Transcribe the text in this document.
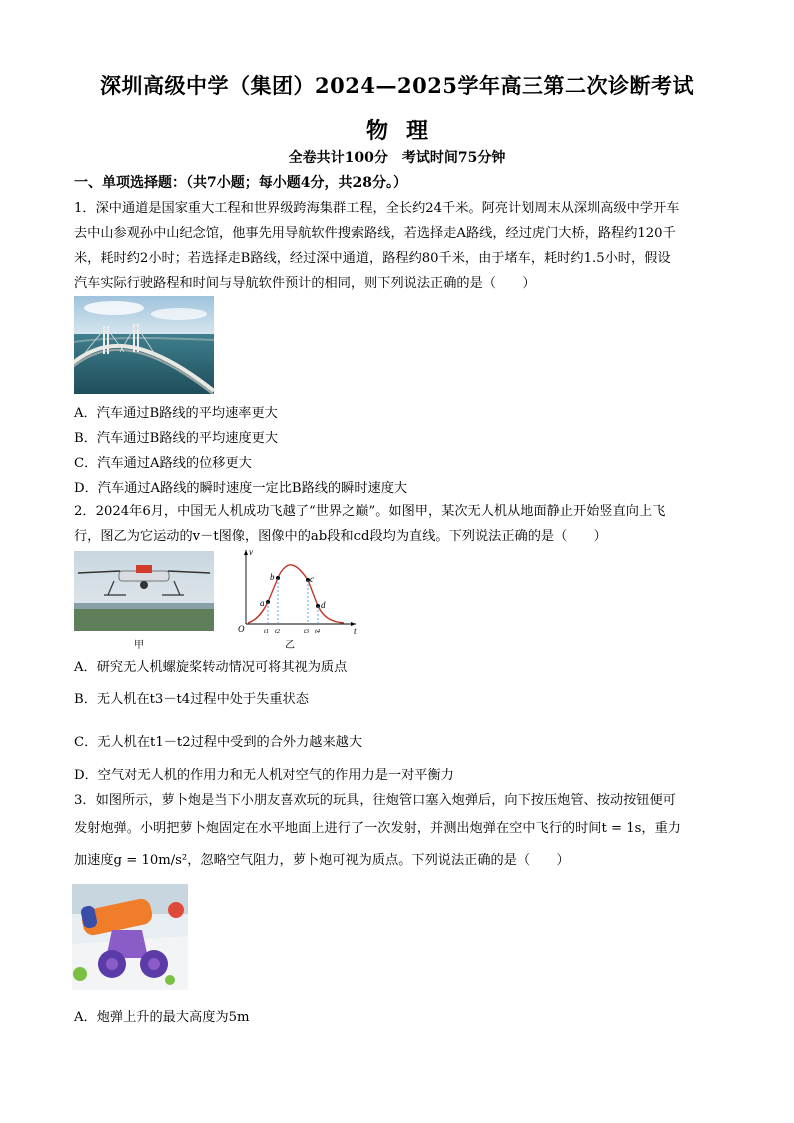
深圳高级中学（集团）2024—2025学年高三第二次诊断考试
物理
全卷共计100分　考试时间75分钟
一、单项选择题：（共7小题；每小题4分，共28分。）
1．深中通道是国家重大工程和世界级跨海集群工程，全长约24千米。阿亮计划周末从深圳高级中学开车
去中山参观孙中山纪念馆，他事先用导航软件搜索路线，若选择走A路线，经过虎门大桥，路程约120千
米，耗时约2小时；若选择走B路线，经过深中通道，路程约80千米，由于堵车，耗时约1.5小时，假设
汽车实际行驶路程和时间与导航软件预计的相同，则下列说法正确的是（　　）
A．汽车通过B路线的平均速率更大
B．汽车通过B路线的平均速度更大
C．汽车通过A路线的位移更大
D．汽车通过A路线的瞬时速度一定比B路线的瞬时速度大
2．2024年6月，中国无人机成功飞越了“世界之巅”。如图甲，某次无人机从地面静止开始竖直向上飞
行，图乙为它运动的v－t图像，图像中的ab段和cd段均为直线。下列说法正确的是（　　）
甲
v
t
O
a
b	c
d
t1 t2	t3 t4
乙
A．研究无人机螺旋桨转动情况可将其视为质点
B．无人机在t3－t4过程中处于失重状态
C．无人机在t1－t2过程中受到的合外力越来越大
D．空气对无人机的作用力和无人机对空气的作用力是一对平衡力
3．如图所示，萝卜炮是当下小朋友喜欢玩的玩具，往炮管口塞入炮弹后，向下按压炮管、按动按钮便可
发射炮弹。小明把萝卜炮固定在水平地面上进行了一次发射，并测出炮弹在空中飞行的时间t = 1s，重力
加速度g = 10m/s²，忽略空气阻力，萝卜炮可视为质点。下列说法正确的是（　　）
A．炮弹上升的最大高度为5m
